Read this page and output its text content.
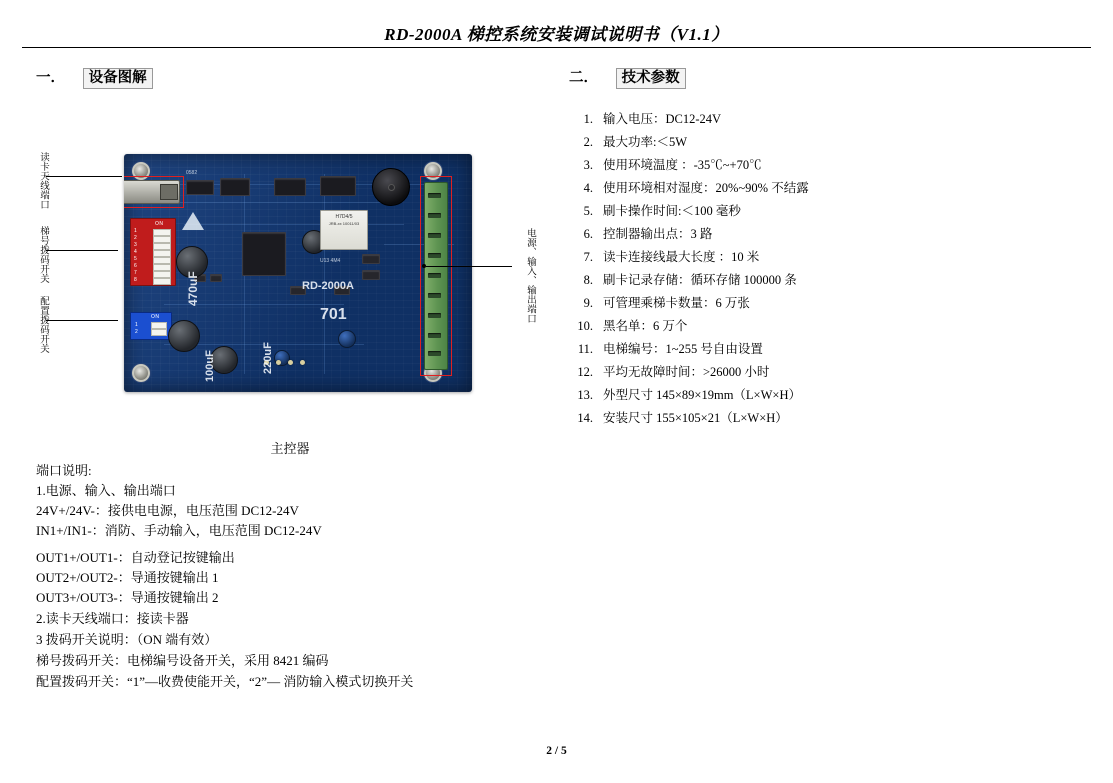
RD-2000A 梯控系统安装调试说明书（V1.1）
一． 设备图解	二． 技术参数
ON
1
2
3
4
5
6
7
8
ON
1
2
H7D4/5
JRB-xx 10011/03
0582
470uF
100uF	220uF
RD-2000A
701
U13 4M4
读卡天线端口
梯号拨码开关
配置拨码开关
电源、输入、输出端口
主控器
端口说明:
1.电源、输入、输出端口
24V+/24V-：接供电电源，电压范围 DC12-24V
IN1+/IN1-：消防、手动输入，电压范围 DC12-24V
OUT1+/OUT1-：自动登记按键输出
OUT2+/OUT2-：导通按键输出 1
OUT3+/OUT3-：导通按键输出 2
2.读卡天线端口：接读卡器
3 拨码开关说明：（ON 端有效）
梯号拨码开关：电梯编号设备开关，采用 8421 编码
配置拨码开关：“1”—收费使能开关，“2”— 消防输入模式切换开关
1. 输入电压：DC12-24V
2. 最大功率:＜5W
3. 使用环境温度 ：-35℃~+70℃
4. 使用环境相对湿度：20%~90% 不结露
5. 刷卡操作时间:＜100 毫秒
6. 控制器输出点：3 路
7. 读卡连接线最大长度 ：10 米
8. 刷卡记录存储：循环存储 100000 条
9. 可管理乘梯卡数量：6 万张
10. 黑名单：6 万个
11. 电梯编号：1~255 号自由设置
12. 平均无故障时间：>26000 小时
13. 外型尺寸 145×89×19mm（L×W×H）
14. 安装尺寸 155×105×21（L×W×H）
2 / 5
